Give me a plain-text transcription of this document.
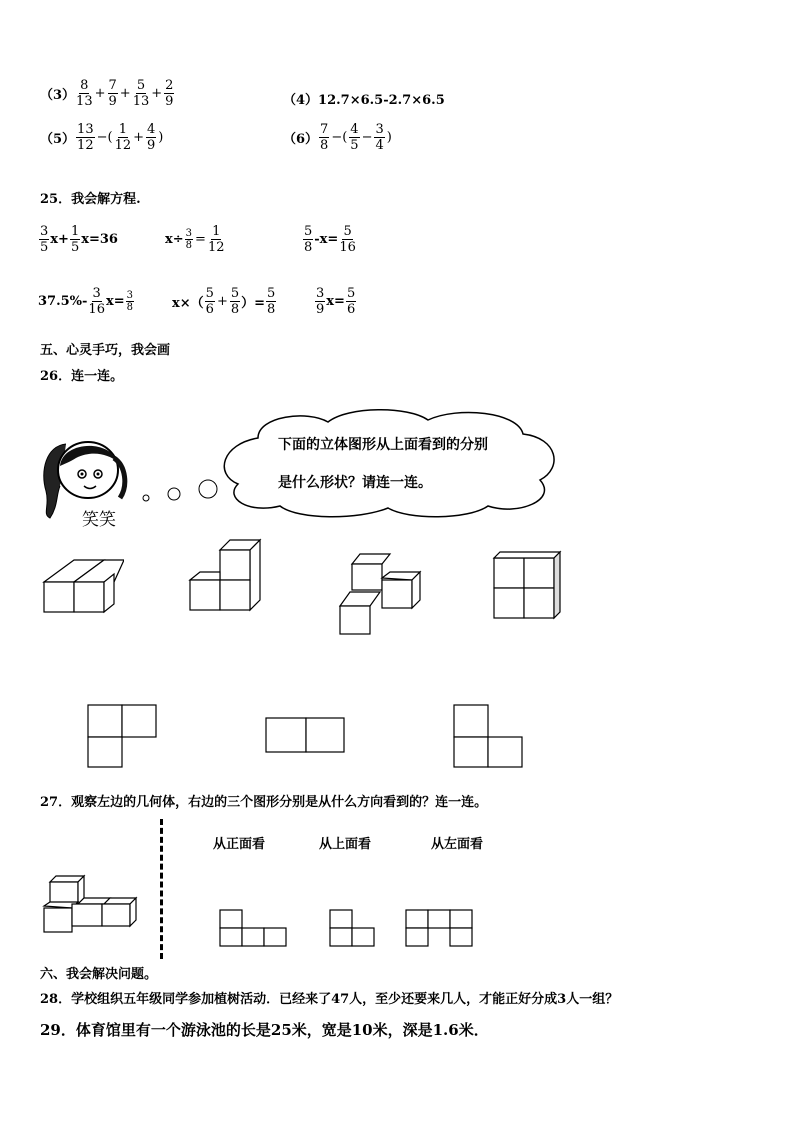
$(3) \frac{8}{13} + \frac{7}{9} + \frac{5}{13} + \frac{2}{9}$	（4）12.7×6.5-2.7×6.5
$(5) \frac{13}{12}$ −( $\frac{1}{12} + \frac{4}{9}$ )	$(6) \frac{7}{8}$ −( $\frac{4}{5} - \frac{3}{4}$ )
25．我会解方程.
$\frac{3}{5} x+ \frac{1}{5} x=36$	$x\div \frac{3}{8} = \frac{1}{12}$	$\frac{5}{8} -x= \frac{5}{16}$
$37.5\%- \frac{3}{16} x= \frac{3}{8}$	$x\times( \frac{5}{6} + \frac{5}{8}$ ）= $\frac{5}{8}$	$\frac{3}{9} x= \frac{5}{6}$
五、心灵手巧，我会画
26．连一连。
笑笑
下面的立体图形从上面看到的分别
是什么形状？请连一连。
27．观察左边的几何体，右边的三个图形分别是从什么方向看到的？连一连。
从正面看	从上面看	从左面看
六、我会解决问题。
28．学校组织五年级同学参加植树活动．已经来了47人，至少还要来几人，才能正好分成3人一组？
29．体育馆里有一个游泳池的长是25米，宽是10米，深是1.6米．
